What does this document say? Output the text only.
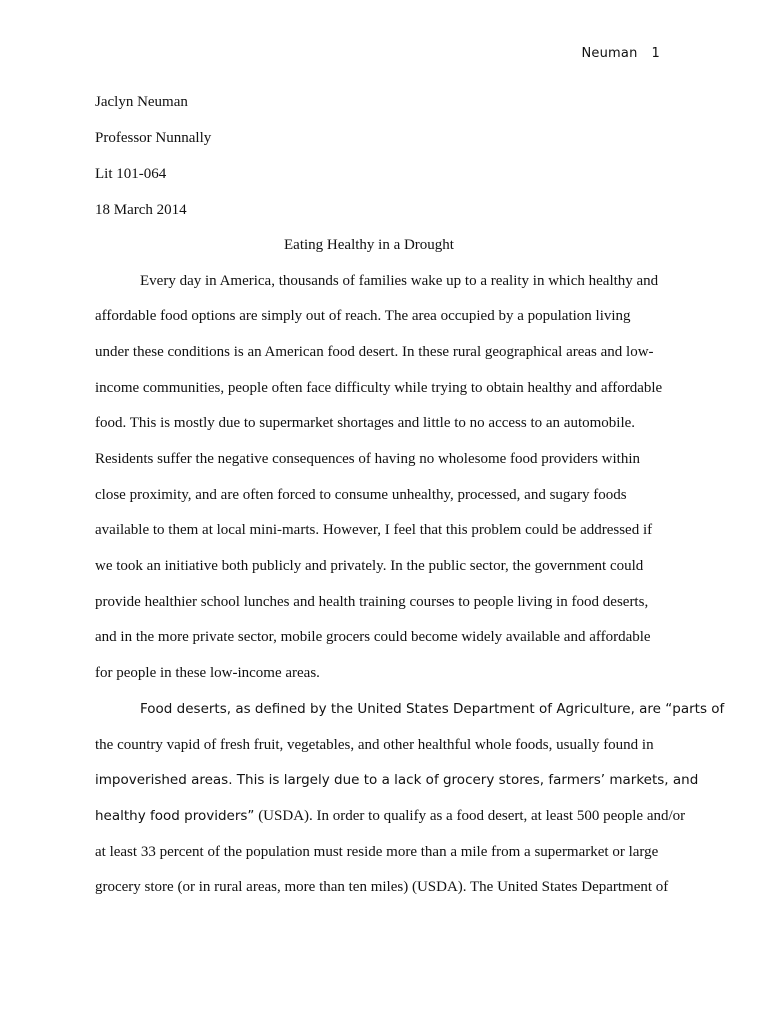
Neuman 1
Jaclyn Neuman
Professor Nunnally
Lit 101-064
18 March 2014
Eating Healthy in a Drought
Every day in America, thousands of families wake up to a reality in which healthy and
affordable food options are simply out of reach. The area occupied by a population living
under these conditions is an American food desert. In these rural geographical areas and low-
income communities, people often face difficulty while trying to obtain healthy and affordable
food. This is mostly due to supermarket shortages and little to no access to an automobile.
Residents suffer the negative consequences of having no wholesome food providers within
close proximity, and are often forced to consume unhealthy, processed, and sugary foods
available to them at local mini-marts. However, I feel that this problem could be addressed if
we took an initiative both publicly and privately. In the public sector, the government could
provide healthier school lunches and health training courses to people living in food deserts,
and in the more private sector, mobile grocers could become widely available and affordable
for people in these low-income areas.
Food deserts, as defined by the United States Department of Agriculture, are “parts of
the country vapid of fresh fruit, vegetables, and other healthful whole foods, usually found in
impoverished areas. This is largely due to a lack of grocery stores, farmers’ markets, and
healthy food providers” (USDA). In order to qualify as a food desert, at least 500 people and/or
at least 33 percent of the population must reside more than a mile from a supermarket or large
grocery store (or in rural areas, more than ten miles) (USDA). The United States Department of
